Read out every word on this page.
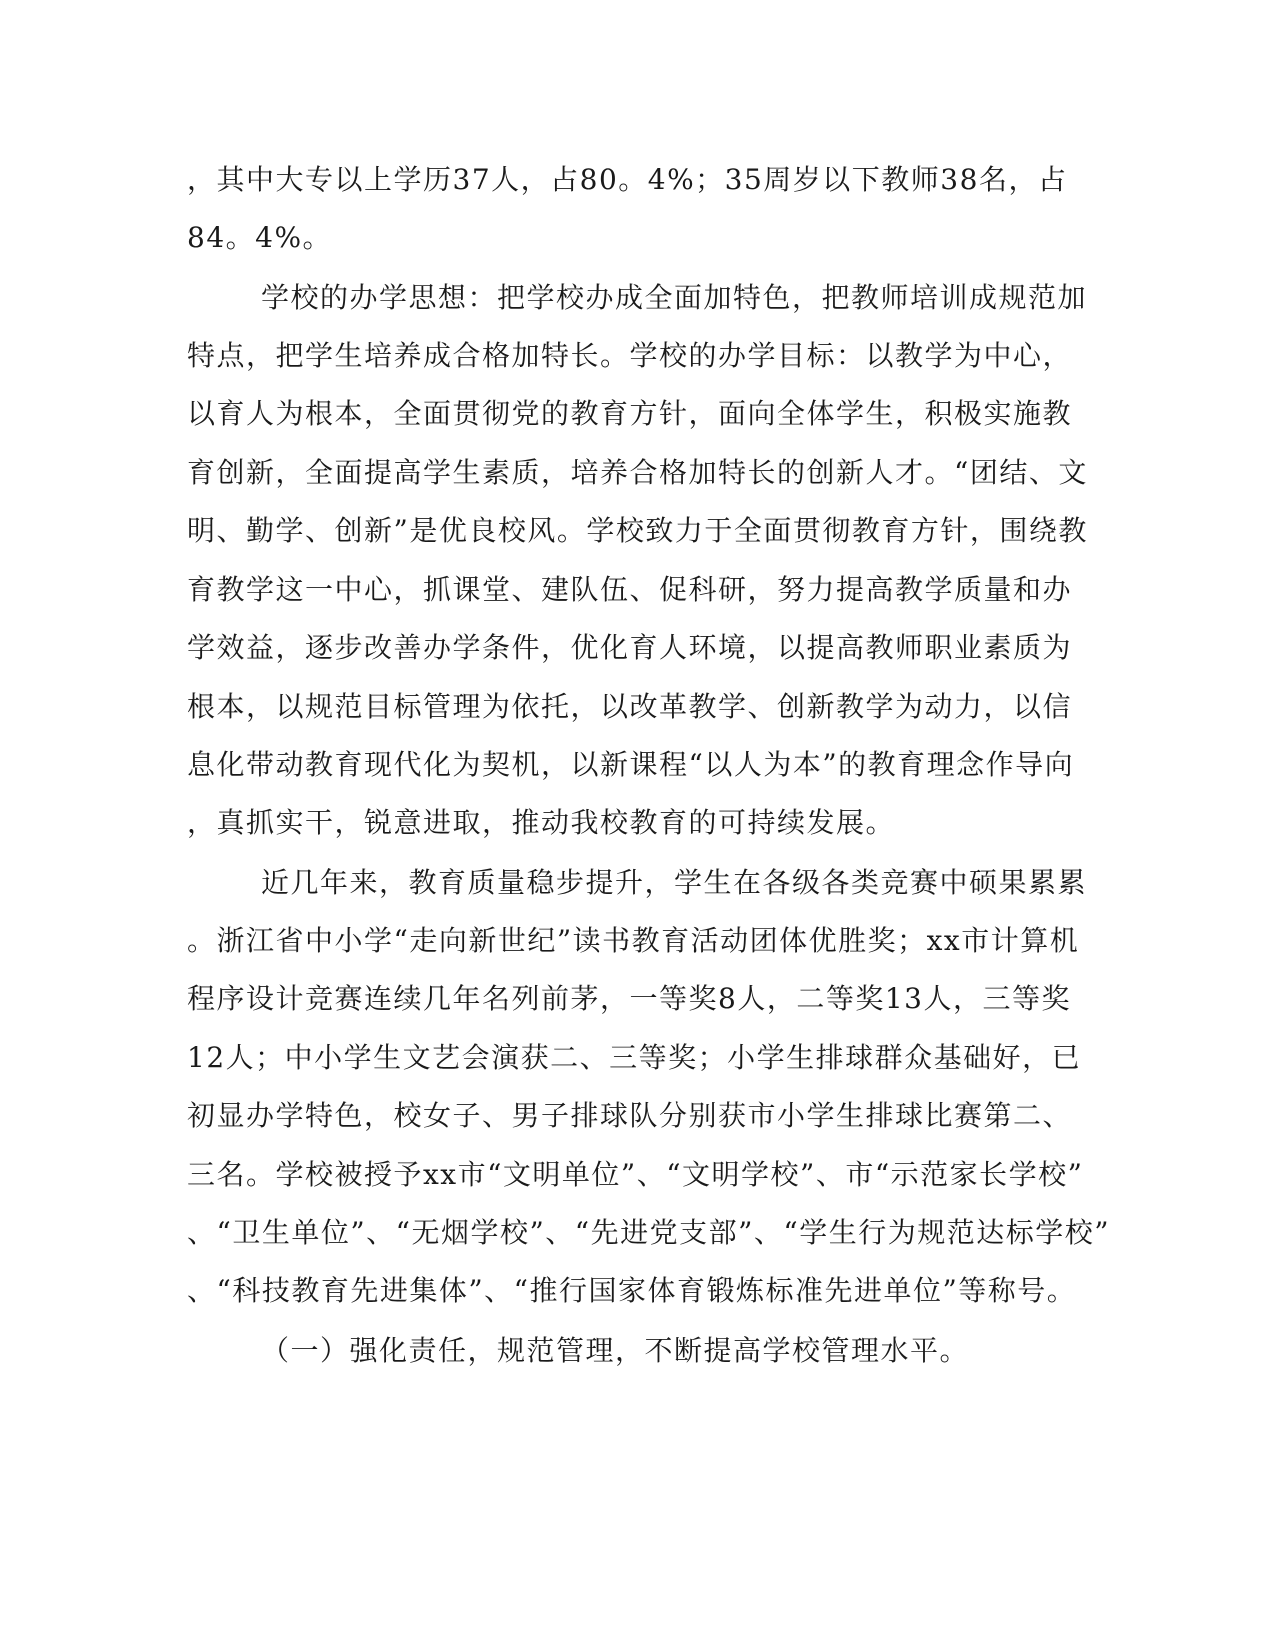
，其中大专以上学历37人，占80。4%；35周岁以下教师38名，占
84。4%。
学校的办学思想：把学校办成全面加特色，把教师培训成规范加
特点，把学生培养成合格加特长。学校的办学目标：以教学为中心，
以育人为根本，全面贯彻党的教育方针，面向全体学生，积极实施教
育创新，全面提高学生素质，培养合格加特长的创新人才。“团结、文
明、勤学、创新”是优良校风。学校致力于全面贯彻教育方针，围绕教
育教学这一中心，抓课堂、建队伍、促科研，努力提高教学质量和办
学效益，逐步改善办学条件，优化育人环境，以提高教师职业素质为
根本，以规范目标管理为依托，以改革教学、创新教学为动力，以信
息化带动教育现代化为契机，以新课程“以人为本”的教育理念作导向
，真抓实干，锐意进取，推动我校教育的可持续发展。
近几年来，教育质量稳步提升，学生在各级各类竞赛中硕果累累
。浙江省中小学“走向新世纪”读书教育活动团体优胜奖；xx市计算机
程序设计竞赛连续几年名列前茅，一等奖8人，二等奖13人，三等奖
12人；中小学生文艺会演获二、三等奖；小学生排球群众基础好，已
初显办学特色，校女子、男子排球队分别获市小学生排球比赛第二、
三名。学校被授予xx市“文明单位”、“文明学校”、市“示范家长学校”
、“卫生单位”、“无烟学校”、“先进党支部”、“学生行为规范达标学校”
、“科技教育先进集体”、“推行国家体育锻炼标准先进单位”等称号。
（一）强化责任，规范管理，不断提高学校管理水平。
